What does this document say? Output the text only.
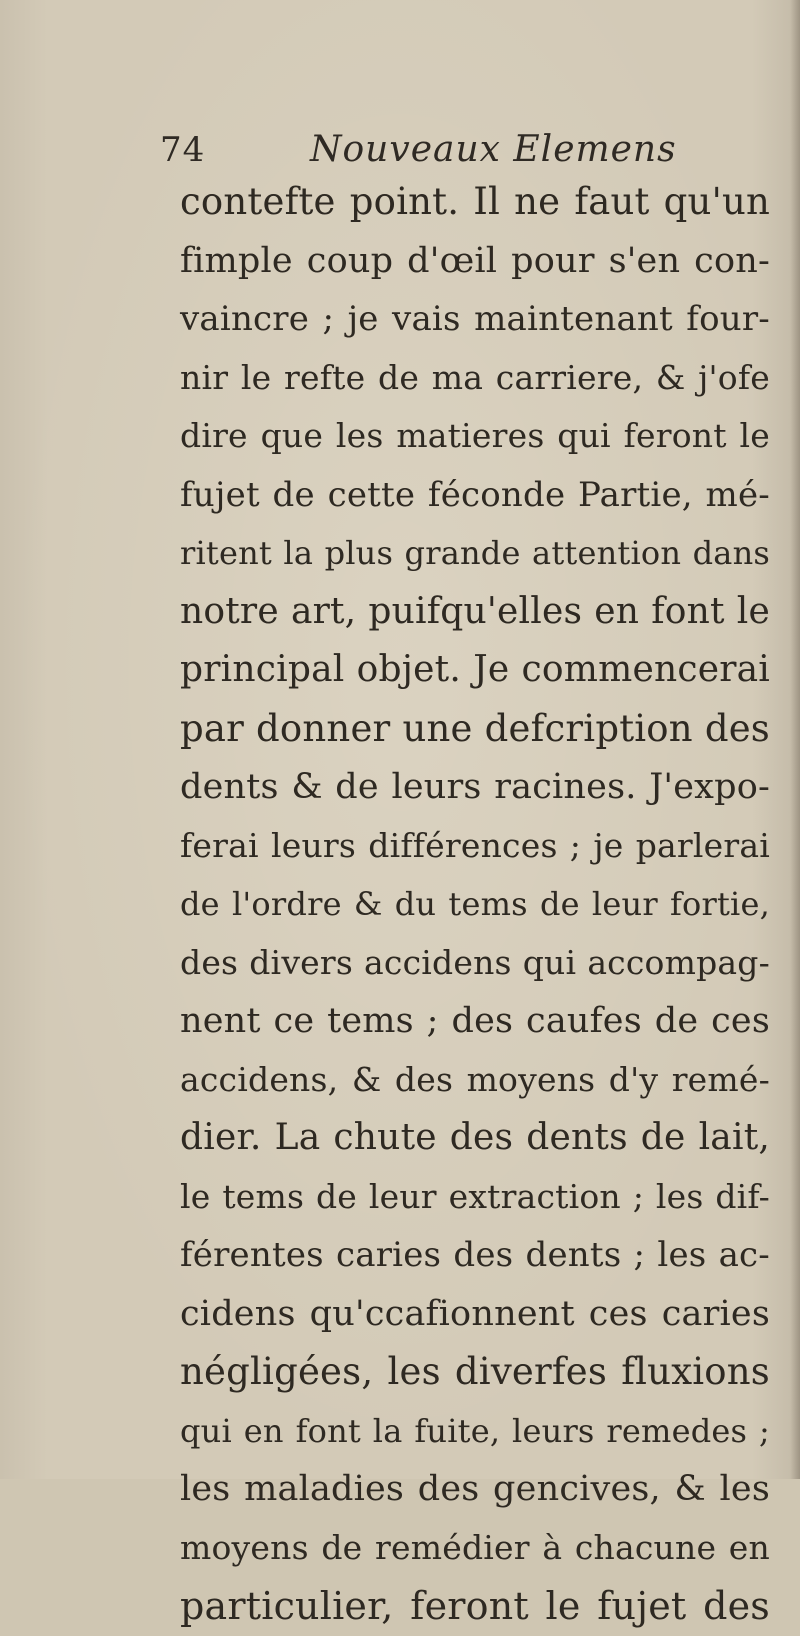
74	Nouveaux Elemens
contefte point. Il ne faut qu'un
fimple coup d'œil pour s'en con-
vaincre ; je vais maintenant four-
nir le refte de ma carriere, & j'ofe
dire que les matieres qui feront le
fujet de cette féconde Partie, mé-
ritent la plus grande attention dans
notre art, puifqu'elles en font le
principal objet. Je commencerai
par donner une defcription des
dents & de leurs racines. J'expo-
ferai leurs différences ; je parlerai
de l'ordre & du tems de leur fortie,
des divers accidens qui accompag-
nent ce tems ; des caufes de ces
accidens, & des moyens d'y remé-
dier. La chute des dents de lait,
le tems de leur extraction ; les dif-
férentes caries des dents ; les ac-
cidens qu'ccafionnent ces caries
négligées, les diverfes fluxions
qui en font la fuite, leurs remedes ;
les maladies des gencives, & les
moyens de remédier à chacune en
particulier, feront le fujet des
